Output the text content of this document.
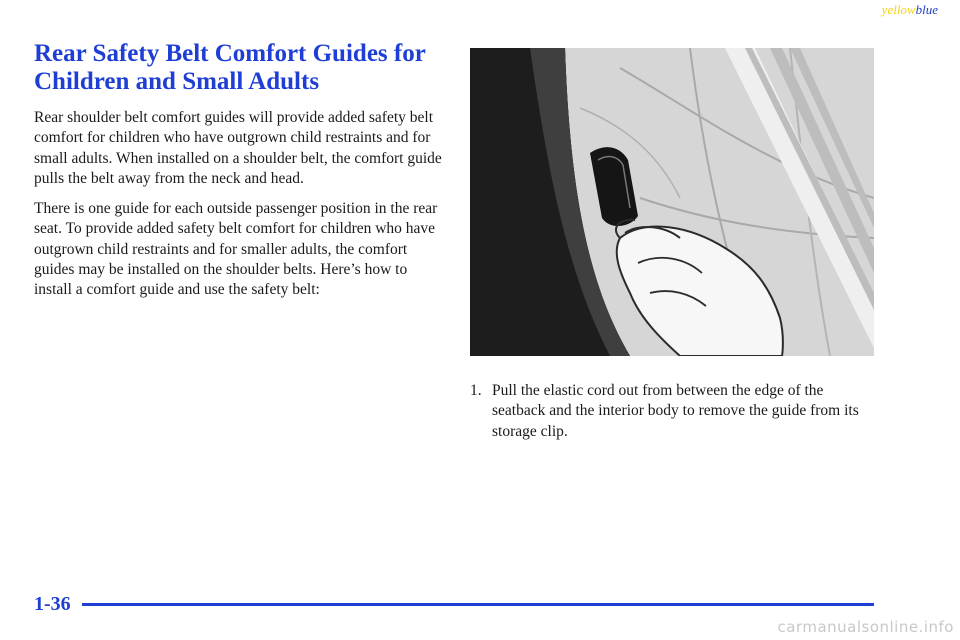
yellowblue
Rear Safety Belt Comfort Guides for Children and Small Adults

Rear shoulder belt comfort guides will provide added safety belt comfort for children who have outgrown child restraints and for small adults. When installed on a shoulder belt, the comfort guide pulls the belt away from the neck and head.

There is one guide for each outside passenger position in the rear seat. To provide added safety belt comfort for children who have outgrown child restraints and for smaller adults, the comfort guides may be installed on the shoulder belts. Here’s how to install a comfort guide and use the safety belt:

1. Pull the elastic cord out from between the edge of the seatback and the interior body to remove the guide from its storage clip.
1-36
carmanualsonline.info
